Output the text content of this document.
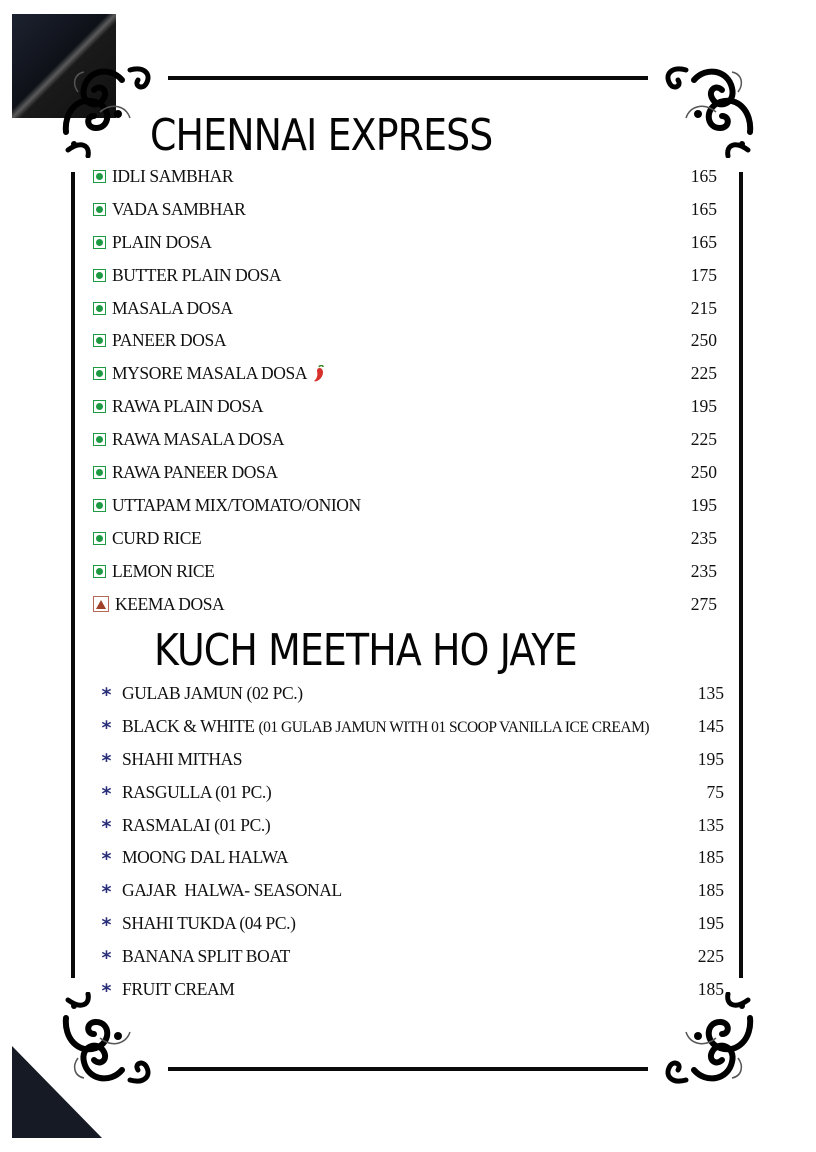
CHENNAI EXPRESS
IDLI SAMBHAR	165
VADA SAMBHAR	165
PLAIN DOSA	165
BUTTER PLAIN DOSA	175
MASALA DOSA	215
PANEER DOSA	250
MYSORE MASALA DOSA	225
RAWA PLAIN DOSA	195
RAWA MASALA DOSA	225
RAWA PANEER DOSA	250
UTTAPAM MIX/TOMATO/ONION	195
CURD RICE	235
LEMON RICE	235
KEEMA DOSA	275
KUCH MEETHA HO JAYE
* GULAB JAMUN (02 PC.)	135
* BLACK & WHITE (01 GULAB JAMUN WITH 01 SCOOP VANILLA ICE CREAM)	145
* SHAHI MITHAS	195
* RASGULLA (01 PC.)	75
* RASMALAI (01 PC.)	135
* MOONG DAL HALWA	185
* GAJAR  HALWA- SEASONAL	185
* SHAHI TUKDA (04 PC.)	195
* BANANA SPLIT BOAT	225
* FRUIT CREAM	185
